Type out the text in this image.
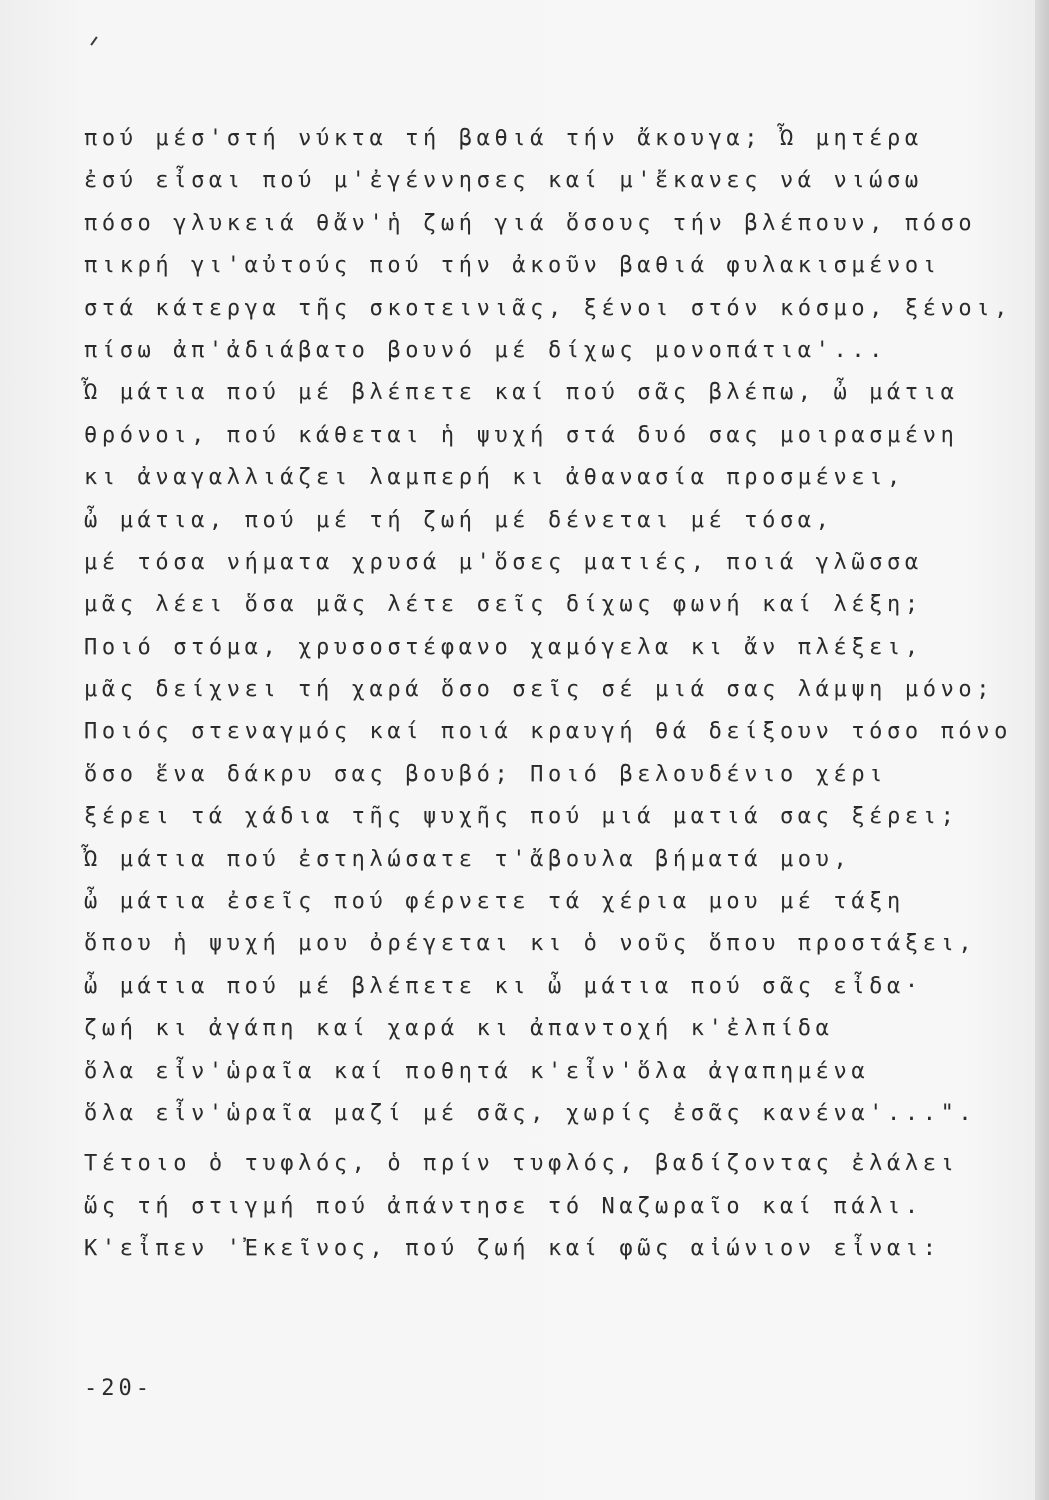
πού μέσ'στή νύκτα τή βαθιά τήν ἄκουγα; Ὦ μητέρα
ἐσύ εἶσαι πού μ'ἐγέννησες καί μ'ἔκανες νά νιώσω
πόσο γλυκειά θἄν'ἡ ζωή γιά ὅσους τήν βλέπουν, πόσο
πικρή γι'αὐτούς πού τήν ἀκοῦν βαθιά φυλακισμένοι
στά κάτεργα τῆς σκοτεινιᾶς, ξένοι στόν κόσμο, ξένοι,
πίσω ἀπ'ἀδιάβατο βουνό μέ δίχως μονοπάτια'...
Ὦ μάτια πού μέ βλέπετε καί πού σᾶς βλέπω, ὦ μάτια
θρόνοι, πού κάθεται ἡ ψυχή στά δυό σας μοιρασμένη
κι ἀναγαλλιάζει λαμπερή κι ἀθανασία προσμένει,
ὦ μάτια, πού μέ τή ζωή μέ δένεται μέ τόσα,
μέ τόσα νήματα χρυσά μ'ὅσες ματιές, ποιά γλῶσσα
μᾶς λέει ὅσα μᾶς λέτε σεῖς δίχως φωνή καί λέξη;
Ποιό στόμα, χρυσοστέφανο χαμόγελα κι ἄν πλέξει,
μᾶς δείχνει τή χαρά ὅσο σεῖς σέ μιά σας λάμψη μόνο;
Ποιός στεναγμός καί ποιά κραυγή θά δείξουν τόσο πόνο
ὅσο ἕνα δάκρυ σας βουβό; Ποιό βελουδένιο χέρι
ξέρει τά χάδια τῆς ψυχῆς πού μιά ματιά σας ξέρει;
Ὦ μάτια πού ἐστηλώσατε τ'ἄβουλα βήματά μου,
ὦ μάτια ἐσεῖς πού φέρνετε τά χέρια μου μέ τάξη
ὅπου ἡ ψυχή μου ὀρέγεται κι ὁ νοῦς ὅπου προστάξει,
ὦ μάτια πού μέ βλέπετε κι ὦ μάτια πού σᾶς εἶδα·
ζωή κι ἀγάπη καί χαρά κι ἀπαντοχή κ'ἐλπίδα
ὅλα εἶν'ὡραῖα καί ποθητά κ'εἶν'ὅλα ἀγαπημένα
ὅλα εἶν'ὡραῖα μαζί μέ σᾶς, χωρίς ἐσᾶς κανένα'...".
Τέτοιο ὁ τυφλός, ὁ πρίν τυφλός, βαδίζοντας ἐλάλει
ὥς τή στιγμή πού ἀπάντησε τό Ναζωραῖο καί πάλι.
Κ'εἶπεν 'Ἐκεῖνος, πού ζωή καί φῶς αἰώνιον εἶναι:
-20-
